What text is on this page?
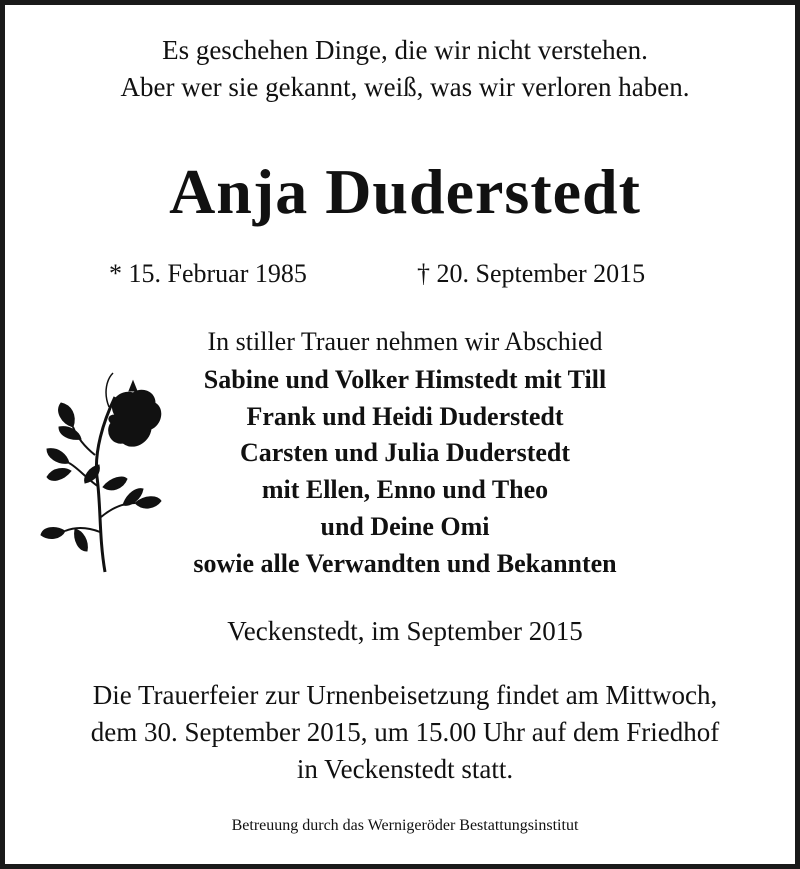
Es geschehen Dinge, die wir nicht verstehen.
Aber wer sie gekannt, weiß, was wir verloren haben.
Anja Duderstedt
* 15. Februar 1985	† 20. September 2015
In stiller Trauer nehmen wir Abschied
Sabine und Volker Himstedt mit Till
Frank und Heidi Duderstedt
Carsten und Julia Duderstedt
mit Ellen, Enno und Theo
und Deine Omi
sowie alle Verwandten und Bekannten
Veckenstedt, im September 2015
Die Trauerfeier zur Urnenbeisetzung findet am Mittwoch,
dem 30. September 2015, um 15.00 Uhr auf dem Friedhof
in Veckenstedt statt.
Betreuung durch das Wernigeröder Bestattungsinstitut
